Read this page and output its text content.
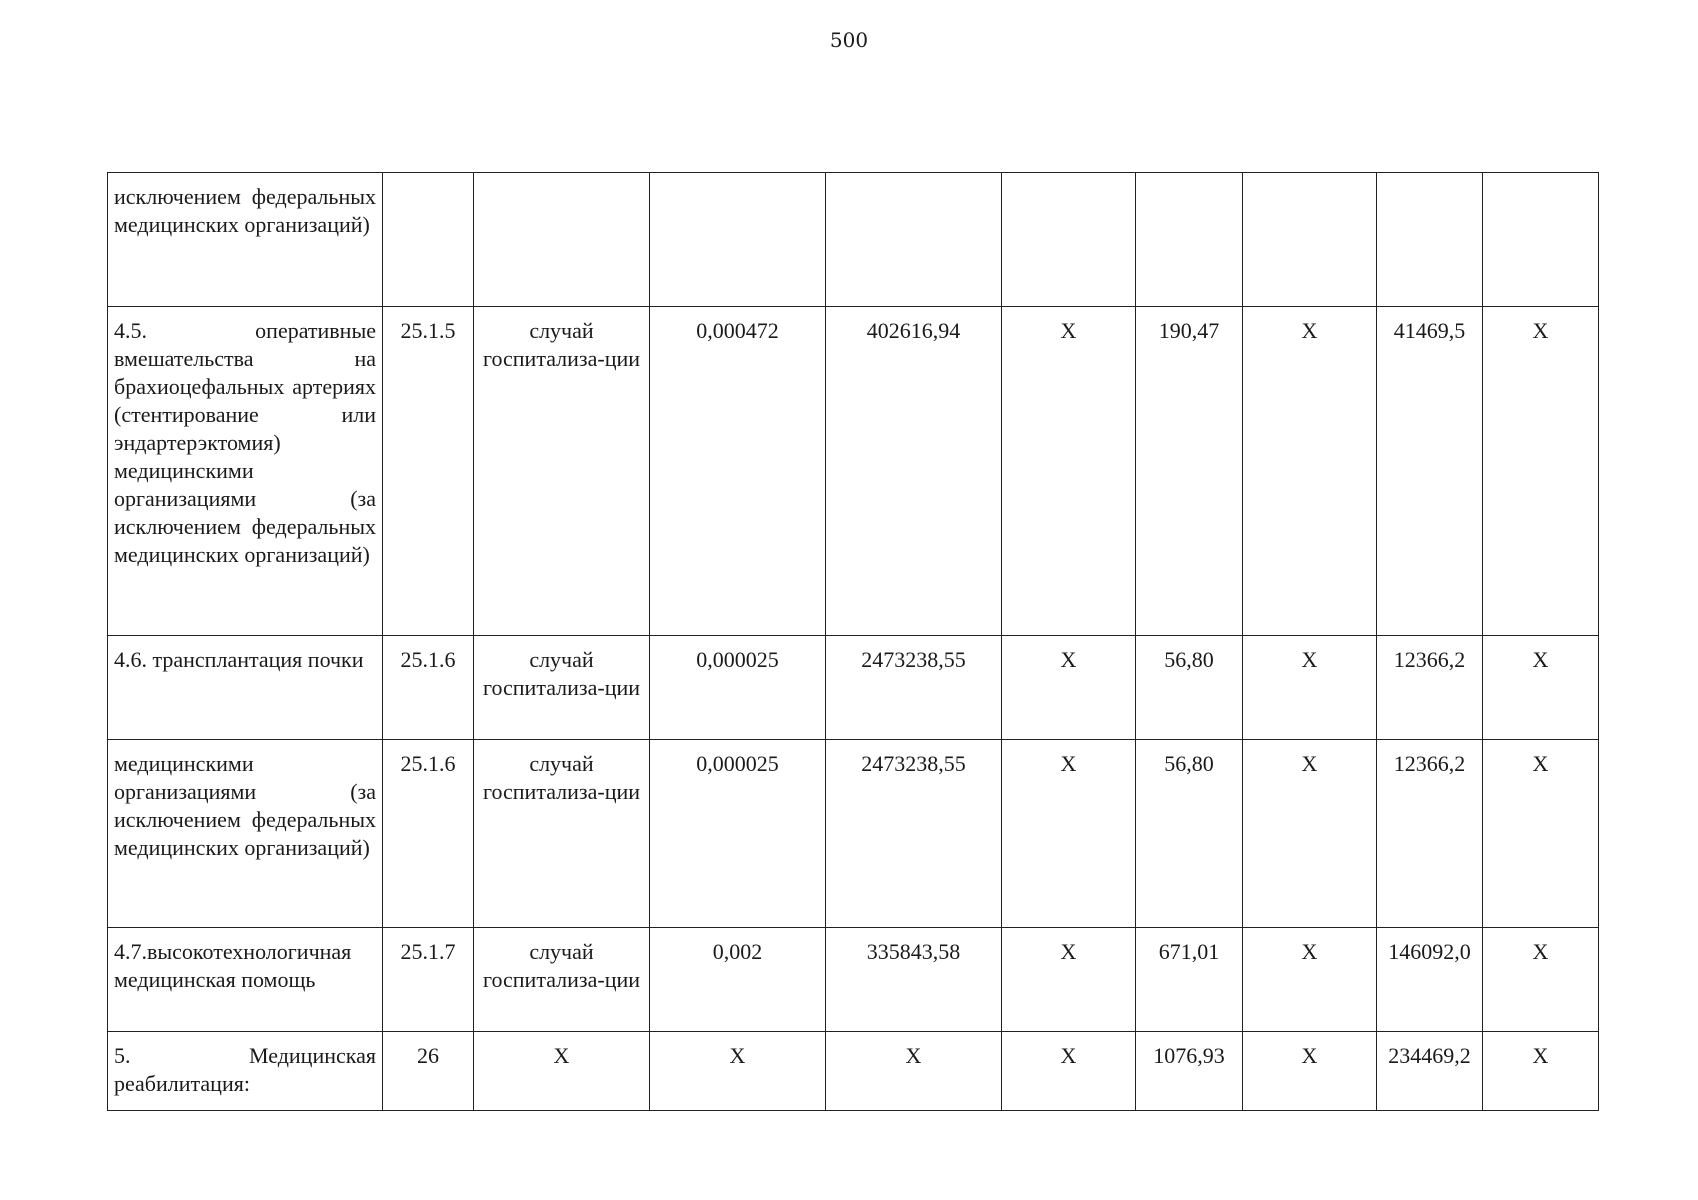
500
исключением федеральных медицинских организаций)									
4.5. оперативные вмешательства на брахиоцефальных артериях (стентирование или эндартерэктомия) медицинскими организациями (за исключением федеральных медицинских организаций)	25.1.5	случай госпитализа-ции	0,000472	402616,94	X	190,47	X	41469,5	X
4.6. трансплантация почки	25.1.6	случай госпитализа-ции	0,000025	2473238,55	X	56,80	X	12366,2	X
медицинскими организациями (за исключением федеральных медицинских организаций)	25.1.6	случай госпитализа-ции	0,000025	2473238,55	X	56,80	X	12366,2	X
4.7.высокотехнологичная медицинская помощь	25.1.7	случай госпитализа-ции	0,002	335843,58	X	671,01	X	146092,0	X
5. Медицинская реабилитация:	26	X	X	X	X	1076,93	X	234469,2	X
